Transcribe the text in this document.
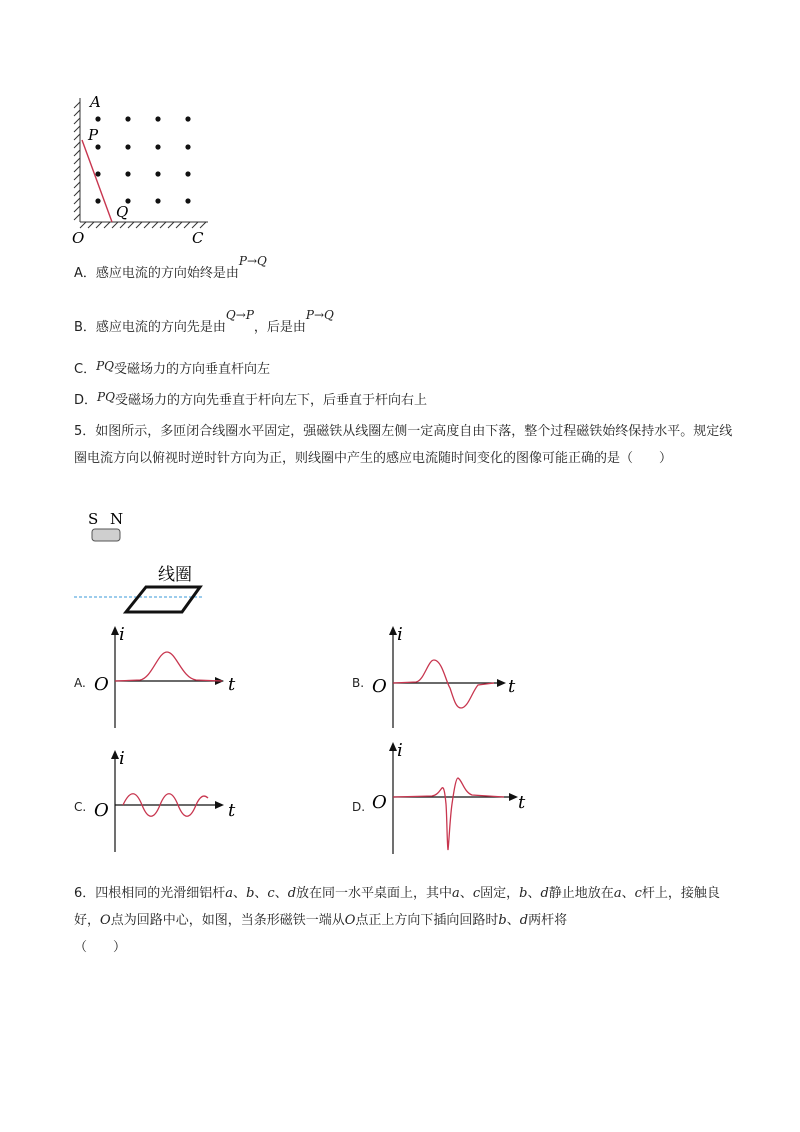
A
P
Q
O	C
A．感应电流的方向始终是由P→Q
B．感应电流的方向先是由Q→P，后是由P→Q
C．PQ受磁场力的方向垂直杆向左
D．PQ受磁场力的方向先垂直于杆向左下，后垂直于杆向右上
5．如图所示，多匝闭合线圈水平固定，强磁铁从线圈左侧一定高度自由下落，整个过程磁铁始终保持水平。规定线圈电流方向以俯视时逆时针方向为正，则线圈中产生的感应电流随时间变化的图像可能正确的是（　　）
S N
线圈
A.
i
O	t	B.
i
O	t
C.
i
O	t	D.
i
O	t
6．四根相同的光滑细铝杆a、b、c、d放在同一水平桌面上，其中a、c固定，b、d静止地放在a、c杆上，接触良好，O点为回路中心，如图，当条形磁铁一端从O点正上方向下插向回路时b、d两杆将
（　　）
